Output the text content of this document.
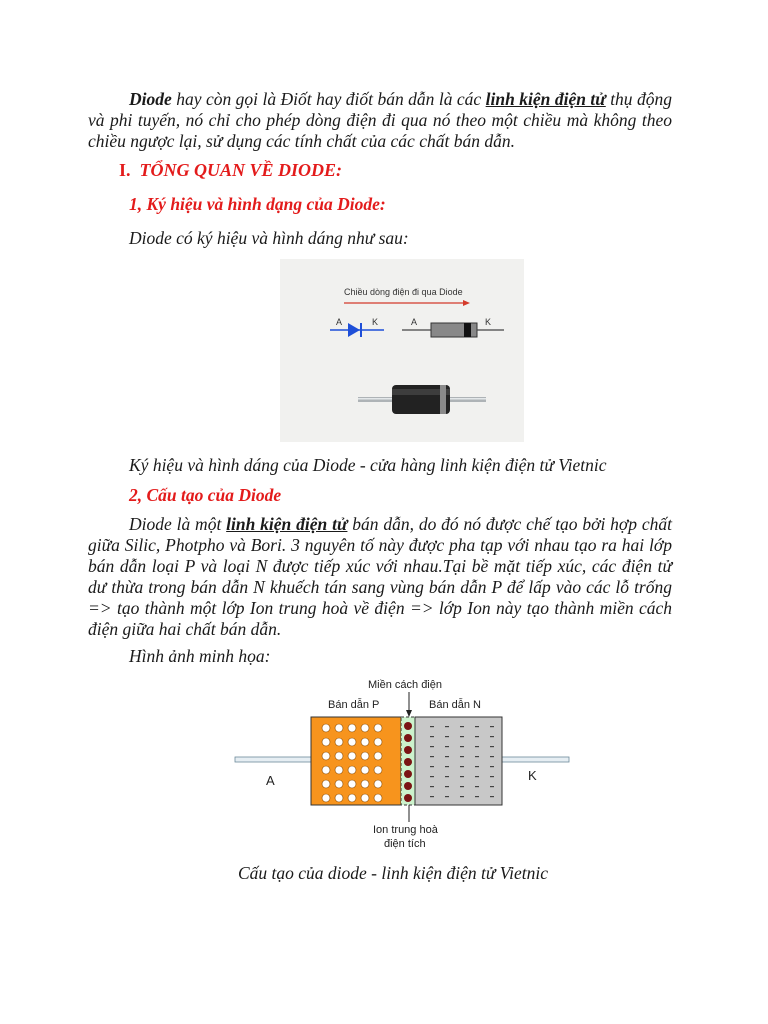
Diode hay còn gọi là Điốt hay điốt bán dẫn là các linh kiện điện tử thụ động và phi tuyến, nó chỉ cho phép dòng điện đi qua nó theo một chiều mà không theo chiều ngược lại, sử dụng các tính chất của các chất bán dẫn.
I. TỔNG QUAN VỀ DIODE:
1, Ký hiệu và hình dạng của Diode:
Diode có ký hiệu và hình dáng như sau:
Chiều dòng điện đi qua Diode
A	K	A	K
Ký hiệu và hình dáng của Diode - cửa hàng linh kiện điện tử Vietnic
2, Cấu tạo của Diode
Diode là một linh kiện điện tử bán dẫn, do đó nó được chế tạo bởi hợp chất giữa Silic, Photpho và Bori. 3 nguyên tố này được pha tạp với nhau tạo ra hai lớp bán dẫn loại P và loại N được tiếp xúc với nhau.Tại bề mặt tiếp xúc, các điện tử dư thừa trong bán dẫn N khuếch tán sang vùng bán dẫn P để lấp vào các lỗ trống => tạo thành một lớp Ion trung hoà về điện => lớp Ion này tạo thành miền cách điện giữa hai chất bán dẫn.
Hình ảnh minh họa:
Miền cách điện
Bán dẫn P	Bán dẫn N
A	K
Ion trung hoà
điện tích
Cấu tạo của diode - linh kiện điện tử Vietnic
